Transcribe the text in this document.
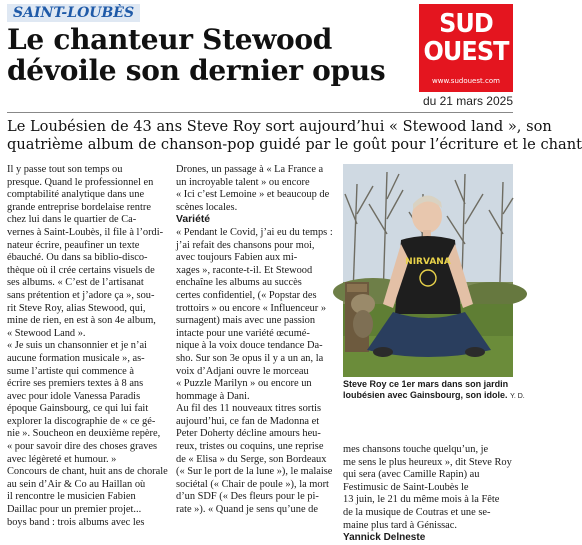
SAINT-LOUBÈS
Le chanteur Stewood
dévoile son dernier opus
SUD
OUEST
www.sudouest.com
du 21 mars 2025
Le Loubésien de 43 ans Steve Roy sort aujourd’hui « Stewood land », son
quatrième album de chanson-pop guidé par le goût pour l’écriture et le chant
Il y passe tout son temps ou
presque. Quand le professionnel en
comptabilité analytique dans une
grande entreprise bordelaise rentre
chez lui dans le quartier de Ca-
vernes à Saint-Loubès, il file à l’ordi-
nateur écrire, peaufiner un texte
ébauché. Ou dans sa biblio-disco-
thèque où il crée certains visuels de
ses albums. « C’est de l’artisanat
sans prétention et j’adore ça », sou-
rit Steve Roy, alias Stewood, qui,
mine de rien, en est à son 4e album,
« Stewood Land ».
« Je suis un chansonnier et je n’ai
aucune formation musicale », as-
sume l’artiste qui commence à
écrire ses premiers textes à 8 ans
avec pour idole Vanessa Paradis
époque Gainsbourg, ce qui lui fait
explorer la discographie de « ce gé-
nie ». Soucheon en deuxième repère,
« pour savoir dire des choses graves
avec légèreté et humour. »
Concours de chant, huit ans de chorale
au sein d’Air & Co au Haillan où
il rencontre le musicien Fabien
Daillac pour un premier projet...
boys band : trois albums avec les
Drones, un passage à « La France a
un incroyable talent » ou encore
« Ici c’est Lemoine » et beaucoup de
scènes locales.
Variété
« Pendant le Covid, j’ai eu du temps :
j’ai refait des chansons pour moi,
avec toujours Fabien aux mi-
xages », raconte-t-il. Et Stewood
enchaîne les albums au succès
certes confidentiel, (« Popstar des
trottoirs » ou encore « Influenceur »
surnagent) mais avec une passion
intacte pour une variété œcumé-
nique à la voix douce tendance Da-
sho. Sur son 3e opus il y a un an, la
voix d’Adjani ouvre le morceau
« Puzzle Marilyn » ou encore un
hommage à Dani.
Au fil des 11 nouveaux titres sortis
aujourd’hui, ce fan de Madonna et
Peter Doherty décline amours heu-
reux, tristes ou coquins, une reprise
de « Elisa » du Serge, son Bordeaux
(« Sur le port de la lune »), le malaise
sociétal (« Chair de poule »), la mort
d’un SDF (« Des fleurs pour le pi-
rate »). « Quand je sens qu’une de
NIRVANA
Steve Roy ce 1er mars dans son jardin
loubésien avec Gainsbourg, son idole. Y. D.
mes chansons touche quelqu’un, je
me sens le plus heureux », dit Steve Roy
qui sera (avec Camille Rapin) au
Festimusic de Saint-Loubès le
13 juin, le 21 du même mois à la Fête
de la musique de Coutras et une se-
maine plus tard à Génissac.
Yannick Delneste
